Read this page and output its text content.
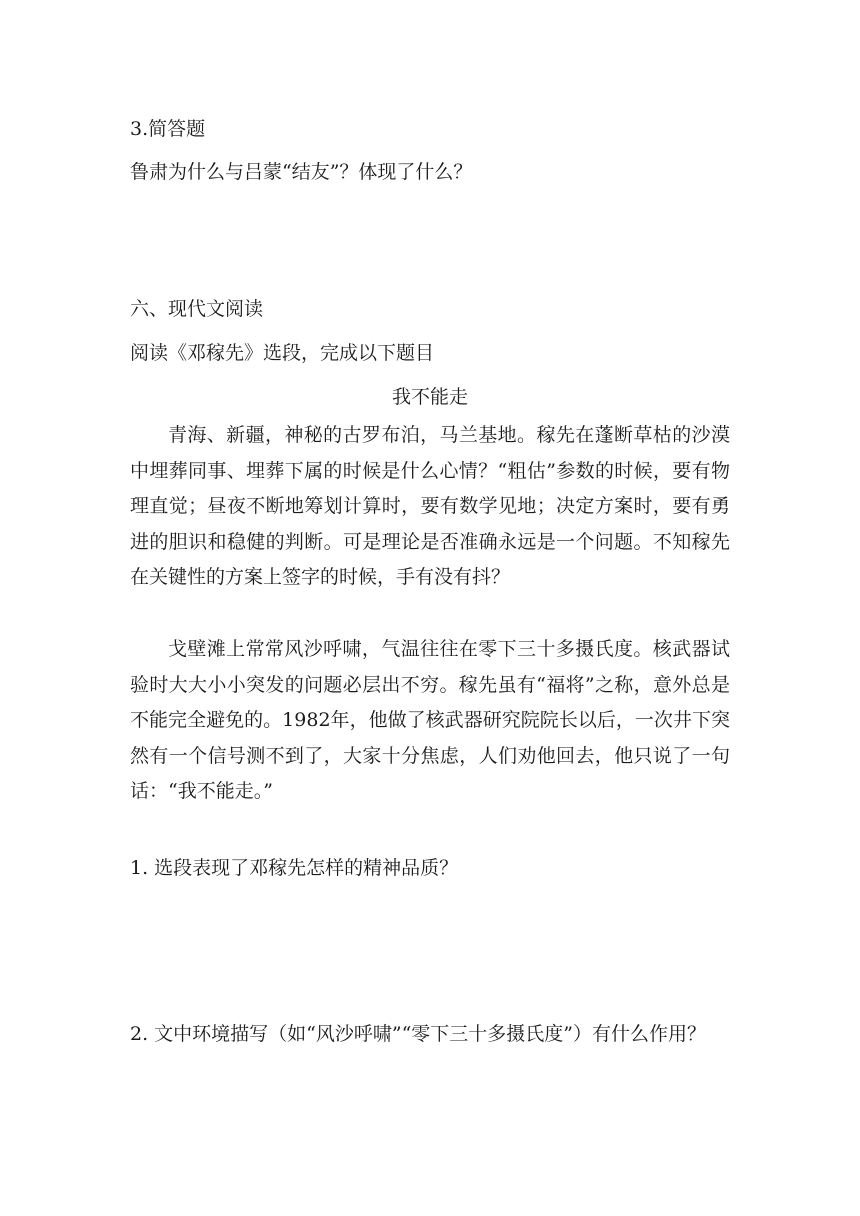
3.简答题

鲁肃为什么与吕蒙“结友”？体现了什么？

六、现代文阅读

阅读《邓稼先》选段，完成以下题目

我不能走

青海、新疆，神秘的古罗布泊，马兰基地。稼先在蓬断草枯的沙漠中埋葬同事、埋葬下属的时候是什么心情？“粗估”参数的时候，要有物理直觉；昼夜不断地筹划计算时，要有数学见地；决定方案时，要有勇进的胆识和稳健的判断。可是理论是否准确永远是一个问题。不知稼先在关键性的方案上签字的时候，手有没有抖？

戈壁滩上常常风沙呼啸，气温往往在零下三十多摄氏度。核武器试验时大大小小突发的问题必层出不穷。稼先虽有“福将”之称，意外总是不能完全避免的。1982年，他做了核武器研究院院长以后，一次井下突然有一个信号测不到了，大家十分焦虑，人们劝他回去，他只说了一句话：“我不能走。”

1. 选段表现了邓稼先怎样的精神品质？

2. 文中环境描写（如“风沙呼啸”“零下三十多摄氏度”）有什么作用？
